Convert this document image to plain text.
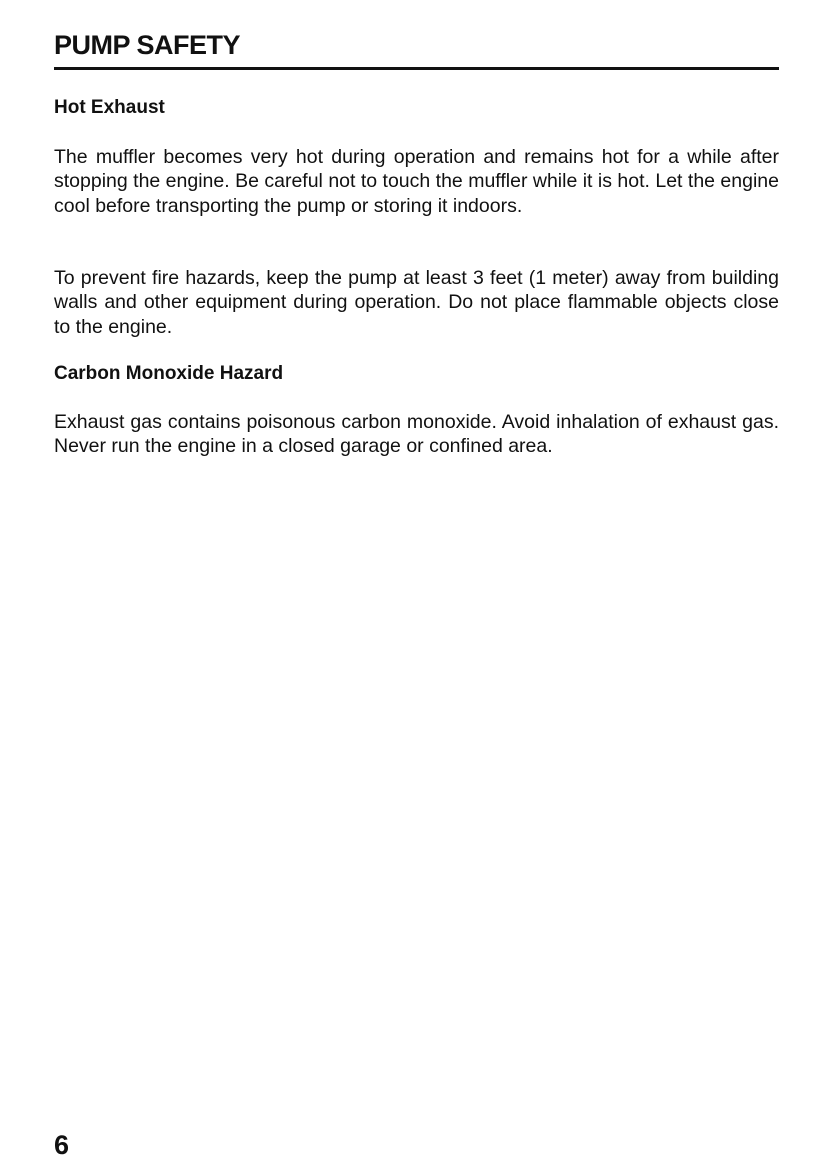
PUMP SAFETY
Hot Exhaust

The muffler becomes very hot during operation and remains hot for a while after stopping the engine. Be careful not to touch the muffler while it is hot. Let the engine cool before transporting the pump or storing it indoors.

To prevent fire hazards, keep the pump at least 3 feet (1 meter) away from building walls and other equipment during operation. Do not place flammable objects close to the engine.

Carbon Monoxide Hazard

Exhaust gas contains poisonous carbon monoxide. Avoid inhalation of exhaust gas. Never run the engine in a closed garage or confined area.

6
